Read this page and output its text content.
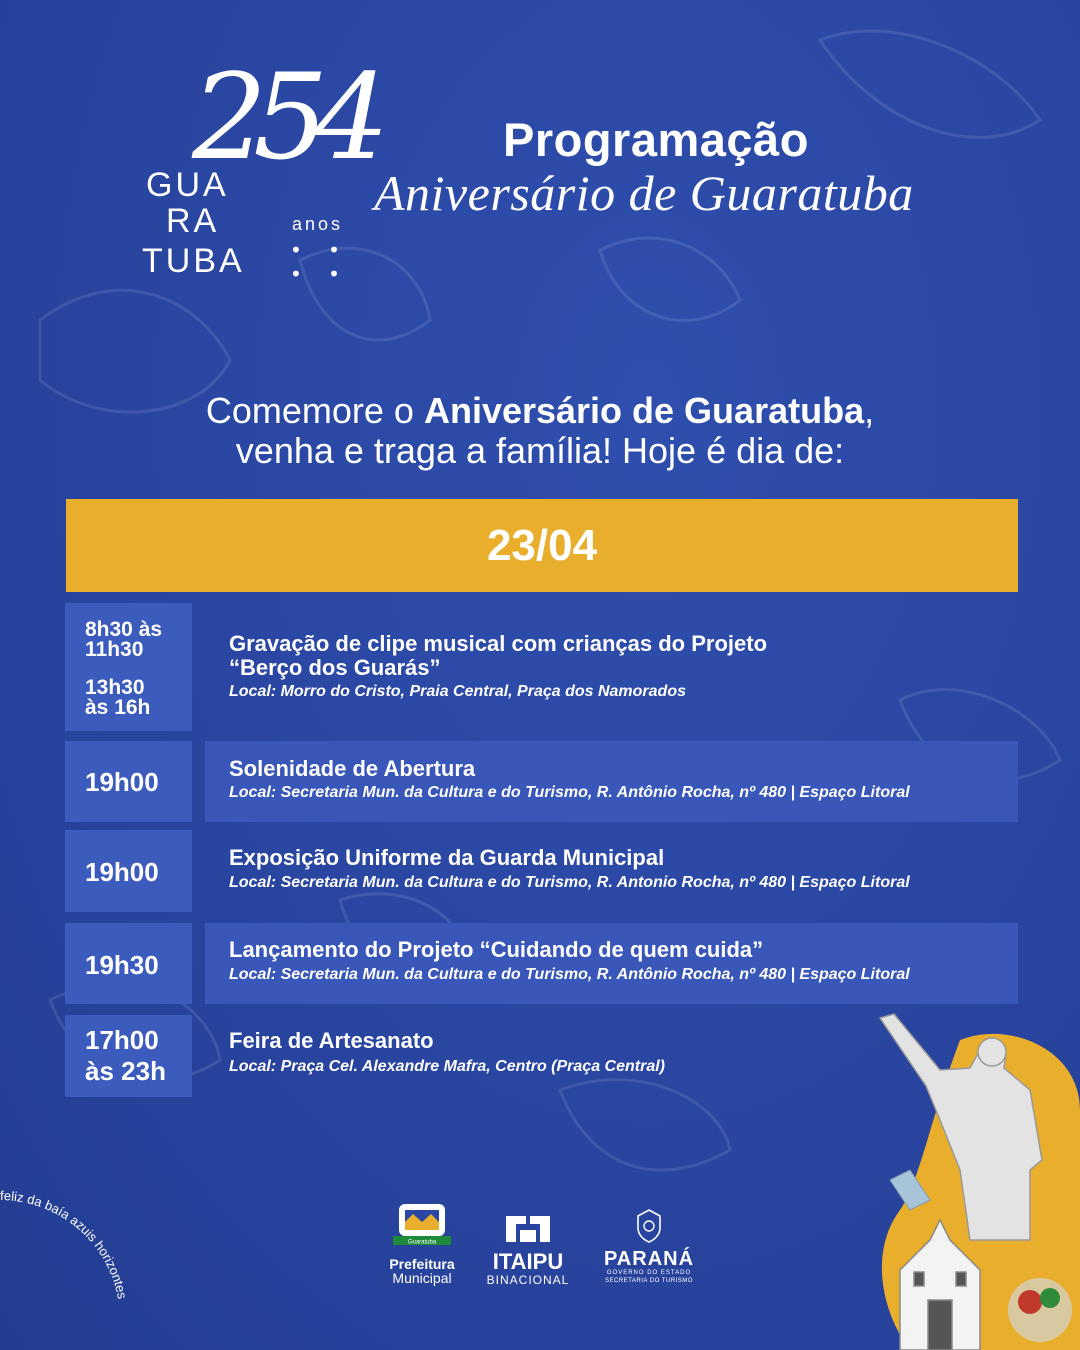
254
GUA
RA
TUBA
anos
• • • •
Programação
Aniversário de Guaratuba
Comemore o Aniversário de Guaratuba,
venha e traga a família! Hoje é dia de:
23/04
8h30 às
11h30
13h30
às 16h
Gravação de clipe musical com crianças do Projeto
“Berço dos Guarás”
Local: Morro do Cristo, Praia Central, Praça dos Namorados
19h00	Solenidade de Abertura
Local: Secretaria Mun. da Cultura e do Turismo, R. Antônio Rocha, nº 480 | Espaço Litoral
19h00	Exposição Uniforme da Guarda Municipal
Local: Secretaria Mun. da Cultura e do Turismo, R. Antonio Rocha, nº 480 | Espaço Litoral
19h30
Lançamento do Projeto “Cuidando de quem cuida”
Local: Secretaria Mun. da Cultura e do Turismo, R. Antônio Rocha, nº 480 | Espaço Litoral
17h00
às 23h
Feira de Artesanato
Local: Praça Cel. Alexandre Mafra, Centro (Praça Central)
feliz da baía azuis horizontes
Guaratuba
Prefeitura
Municipal
ITAIPU
BINACIONAL
PARANÁ
GOVERNO DO ESTADO
SECRETARIA DO TURISMO
